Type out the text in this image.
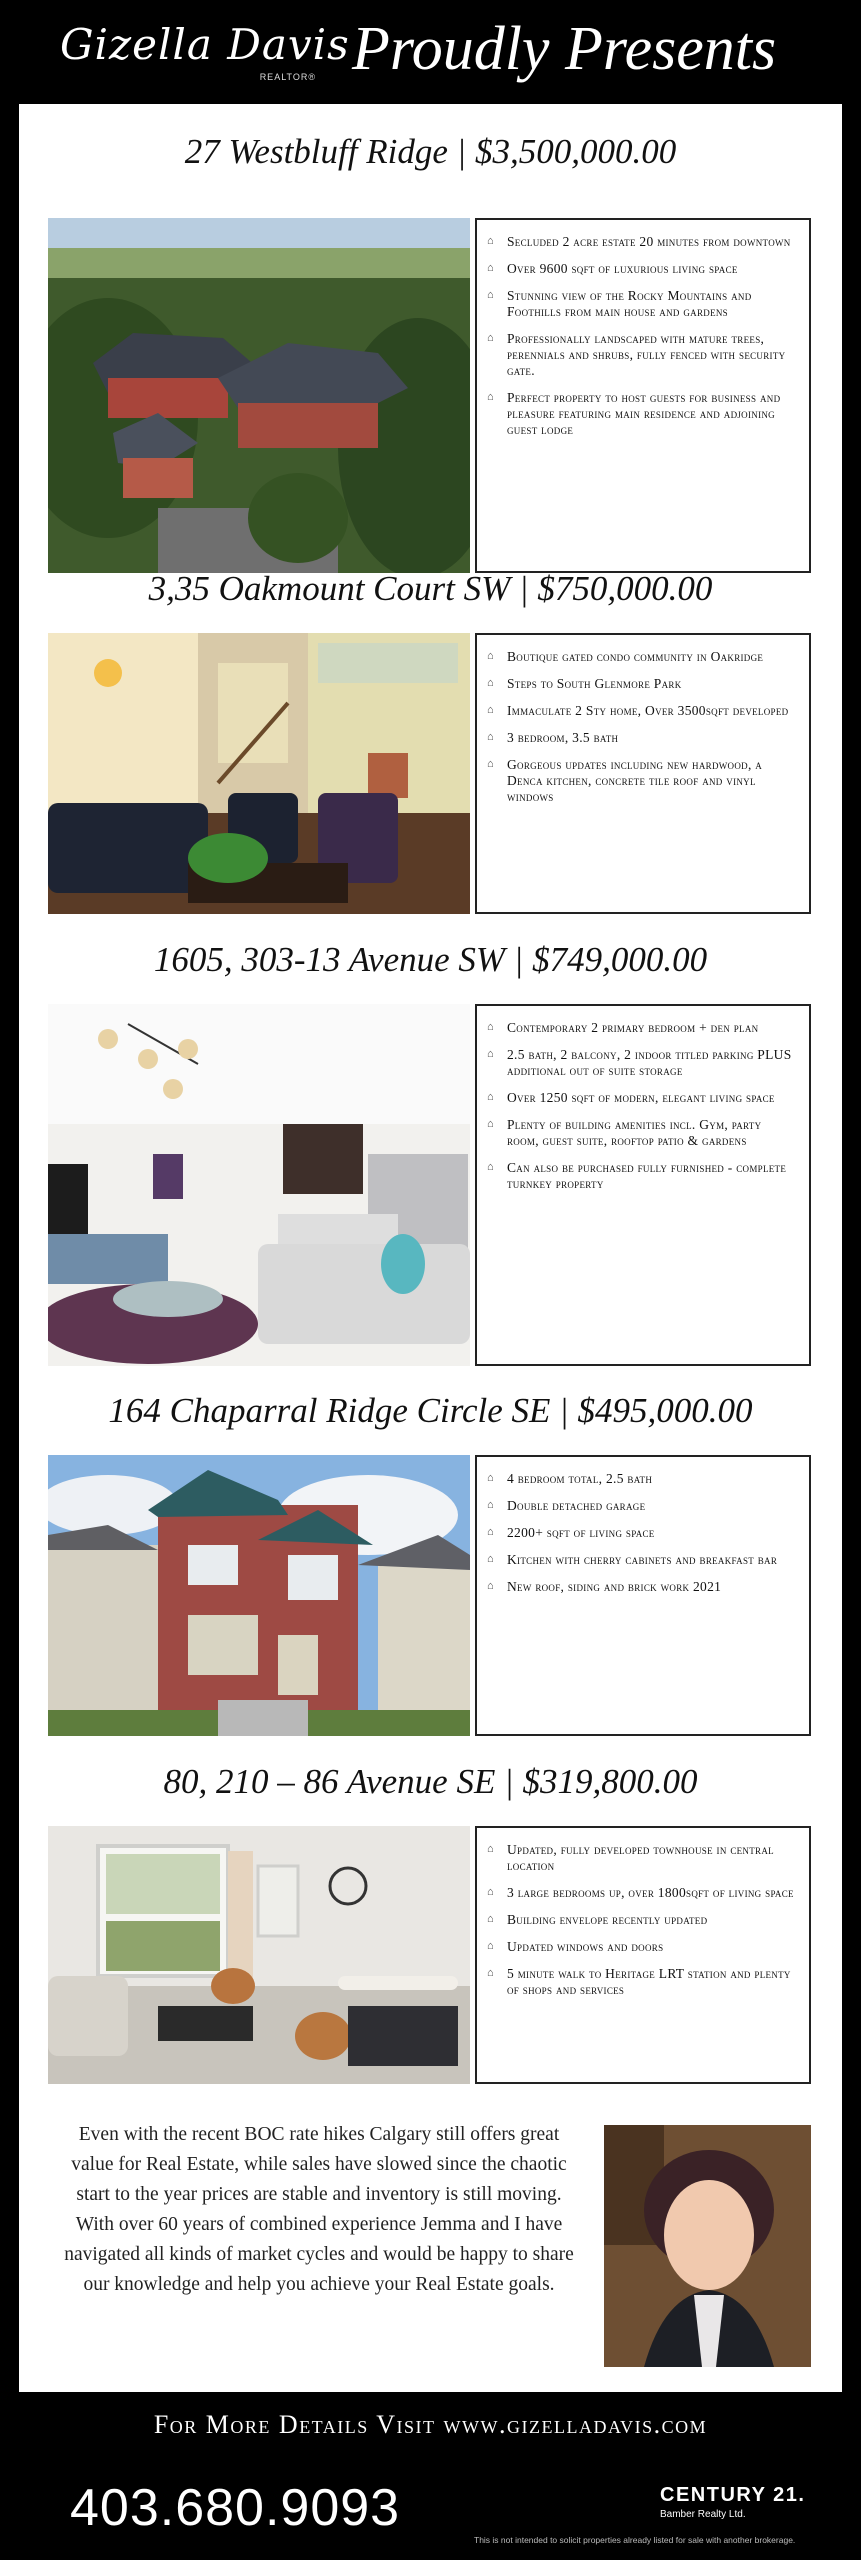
Gizella Davis
REALTOR® Proudly Presents
27 Westbluff Ridge | $3,500,000.00
⌂ Secluded 2 acre estate 20 minutes from downtown
⌂ Over 9600 sqft of luxurious living space
⌂ Stunning view of the Rocky Mountains and Foothills from main house and gardens
⌂ Professionally landscaped with mature trees, perennials and shrubs, fully fenced with security gate.
⌂ Perfect property to host guests for business and pleasure featuring main residence and adjoining guest lodge
3,35 Oakmount Court SW | $750,000.00
⌂ Boutique gated condo community in Oakridge
⌂ Steps to South Glenmore Park
⌂ Immaculate 2 Sty home, Over 3500sqft developed
⌂ 3 bedroom, 3.5 bath
⌂ Gorgeous updates including new hardwood, a Denca kitchen, concrete tile roof and vinyl windows
1605, 303-13 Avenue SW | $749,000.00
⌂ Contemporary 2 primary bedroom + den plan
⌂ 2.5 bath, 2 balcony, 2 indoor titled parking PLUS additional out of suite storage
⌂ Over 1250 sqft of modern, elegant living space
⌂ Plenty of building amenities incl. Gym, party room, guest suite, rooftop patio & gardens
⌂ Can also be purchased fully furnished - complete turnkey property
164 Chaparral Ridge Circle SE | $495,000.00
⌂ 4 bedroom total, 2.5 bath
⌂ Double detached garage
⌂ 2200+ sqft of living space
⌂ Kitchen with cherry cabinets and breakfast bar
⌂ New roof, siding and brick work 2021
80, 210 – 86 Avenue SE | $319,800.00
⌂ Updated, fully developed townhouse in central location
⌂ 3 large bedrooms up, over 1800sqft of living space
⌂ Building envelope recently updated
⌂ Updated windows and doors
⌂ 5 minute walk to Heritage LRT station and plenty of shops and services
Even with the recent BOC rate hikes Calgary still offers great value for Real Estate, while sales have slowed since the chaotic start to the year prices are stable and inventory is still moving. With over 60 years of combined experience Jemma and I have navigated all kinds of market cycles and would be happy to share our knowledge and help you achieve your Real Estate goals.
For More Details Visit www.gizelladavis.com
403.680.9093	CENTURY 21.
Bamber Realty Ltd.
This is not intended to solicit properties already listed for sale with another brokerage.
